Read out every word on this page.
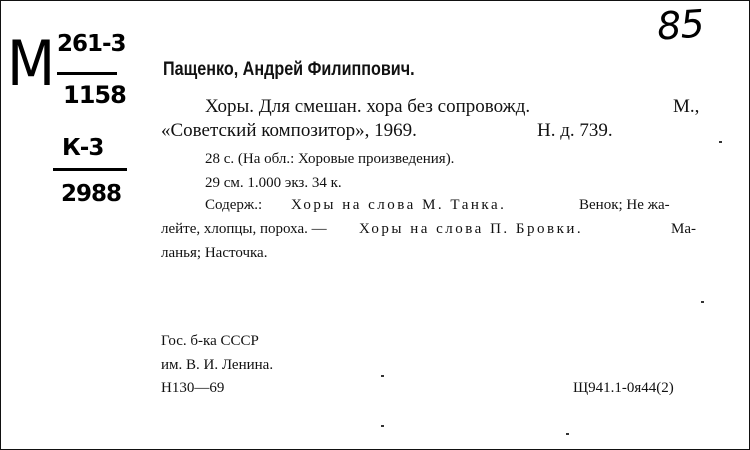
85
М 261-3
1158
К-3
2988
Пащенко, Андрей Филиппович.
Хоры. Для смешан. хора без сопровожд.	М.,
«Советский композитор», 1969.	Н. д. 739.
28 с. (На обл.: Хоровые произведения).
29 см. 1.000 экз. 34 к.
Содерж.: Хоры на слова М. Танка.	Венок; Не жа-
лейте, хлопцы, пороха. — Хоры на слова П. Бровки.	Ма-
ланья; Насточка.
Гос. б-ка СССР
им. В. И. Ленина.
Н130—69	Щ941.1-0я44(2)
